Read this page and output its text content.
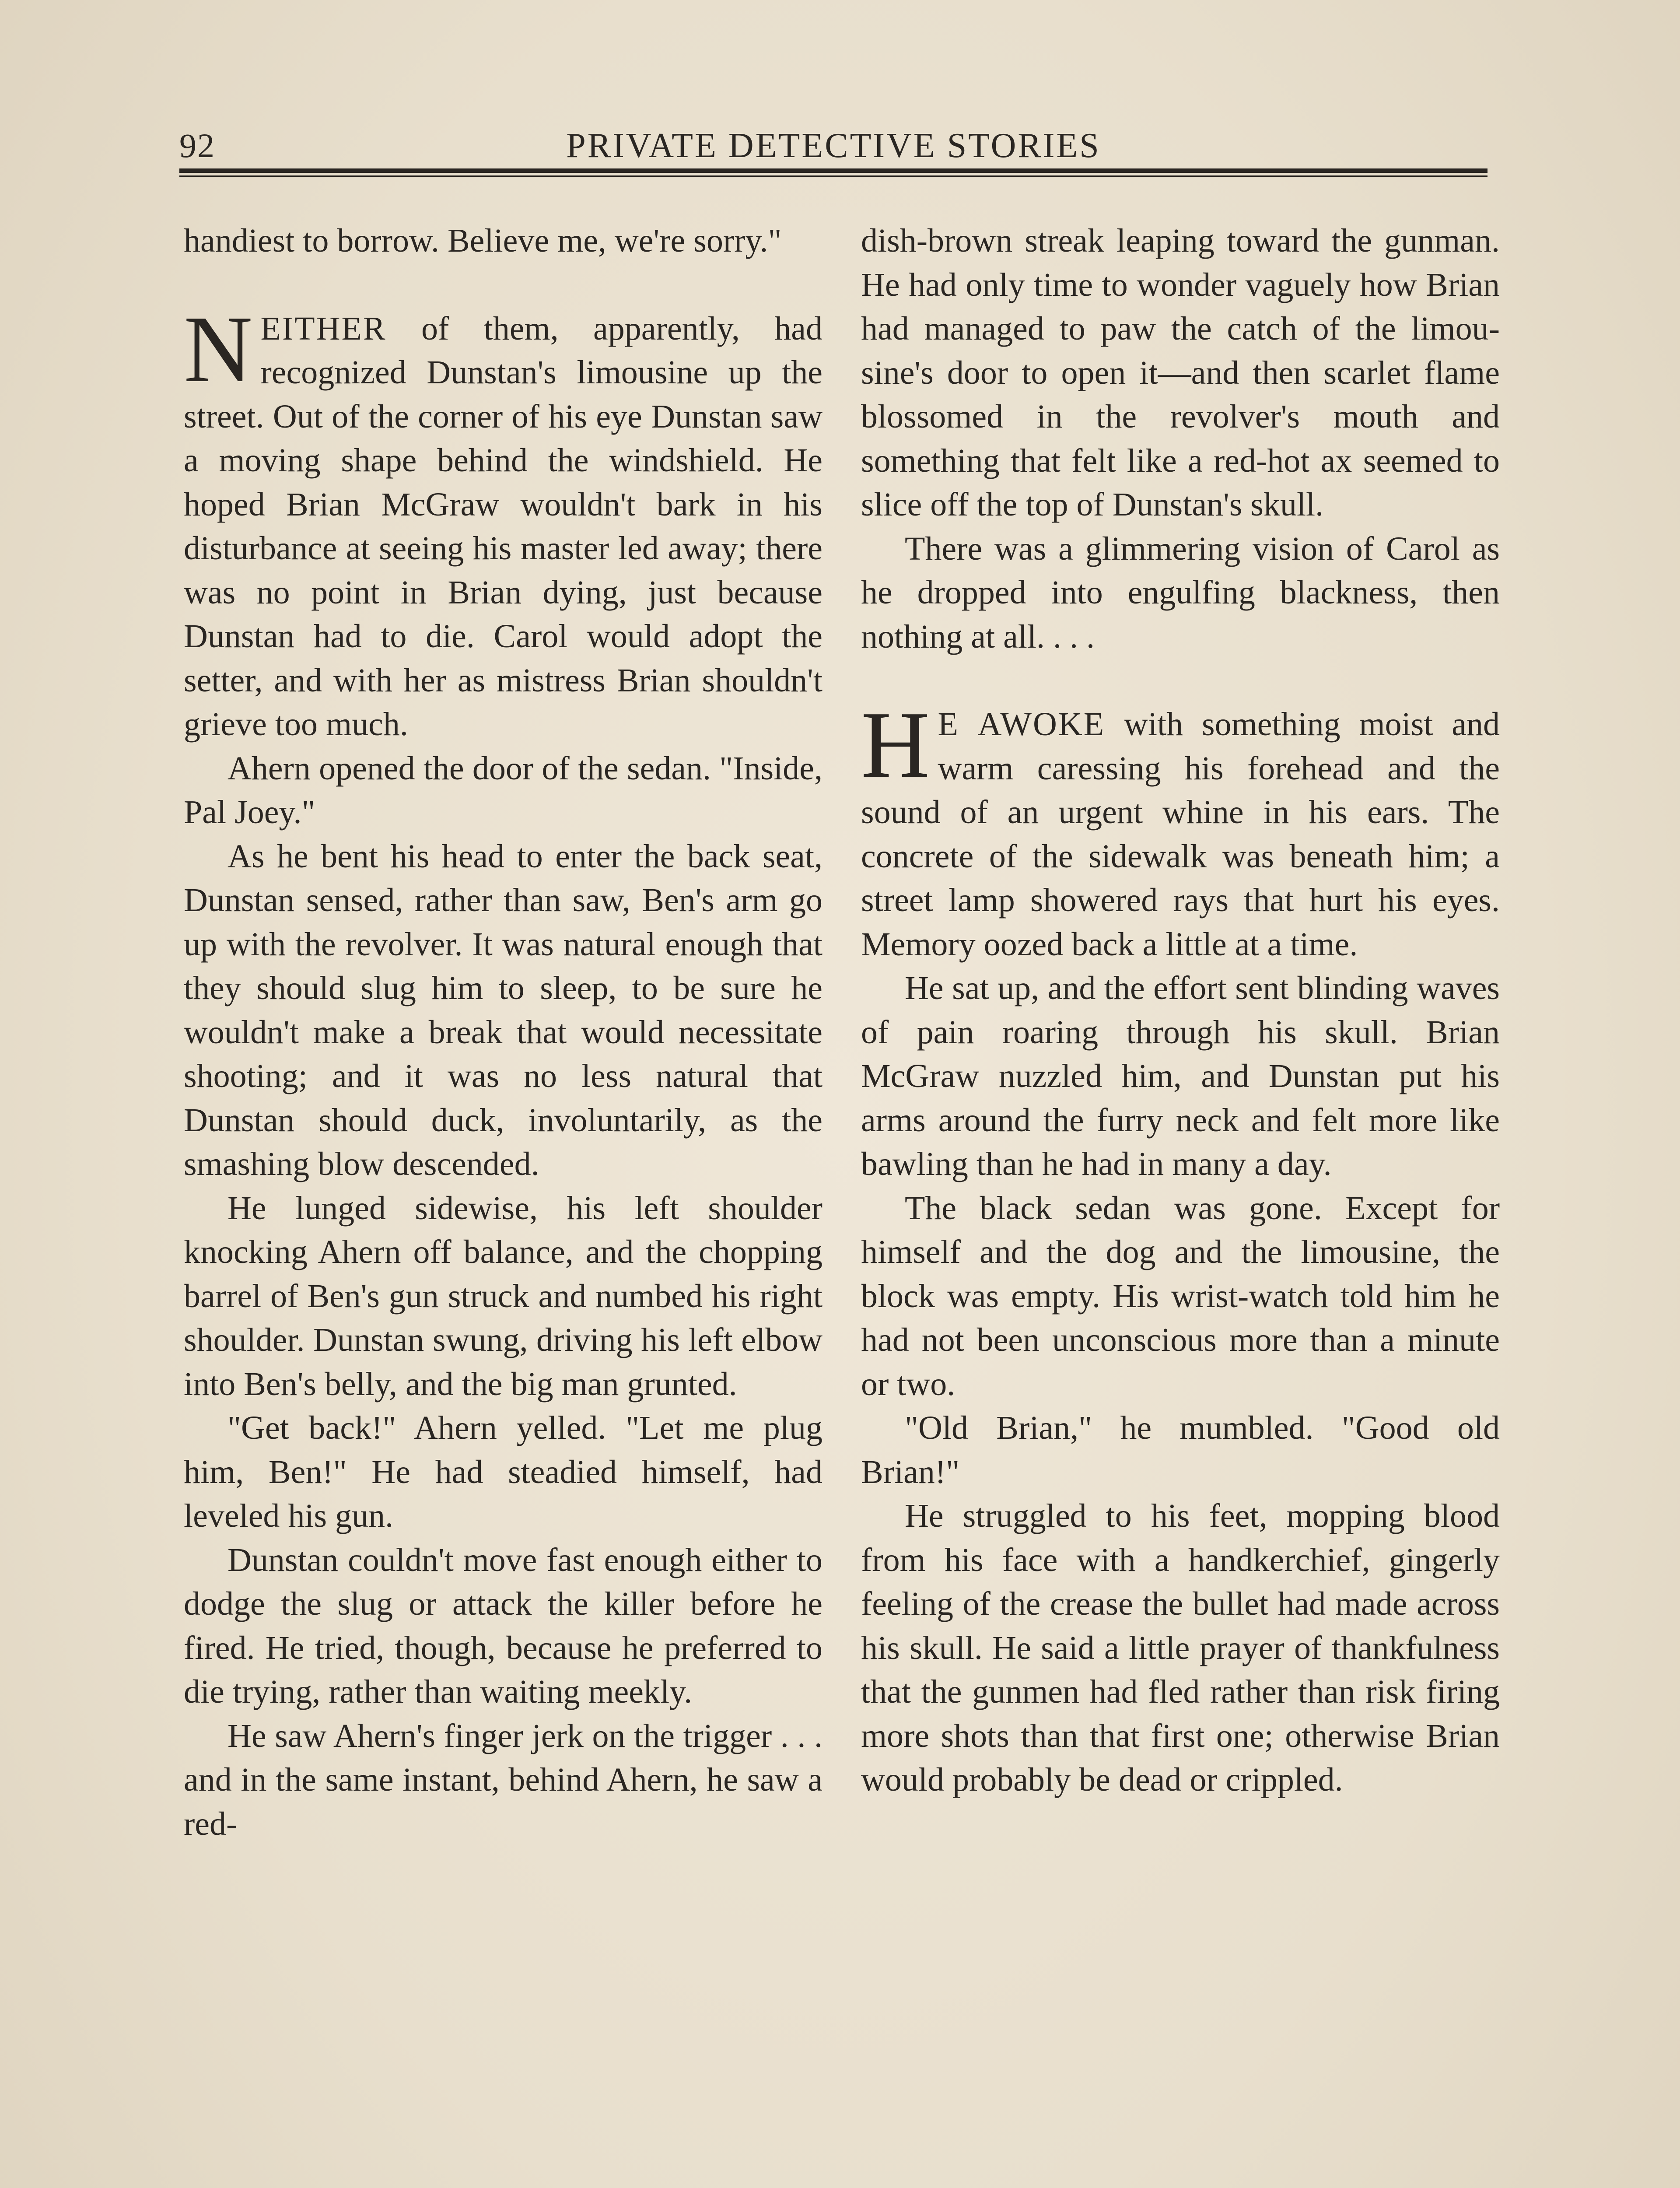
92	PRIVATE DETECTIVE STORIES

handiest to borrow. Believe me, we're sorry."

NEITHER of them, apparently, had recognized Dunstan's limousine up the street. Out of the corner of his eye Dunstan saw a moving shape behind the windshield. He hoped Brian McGraw wouldn't bark in his disturbance at seeing his master led away; there was no point in Brian dying, just because Dunstan had to die. Carol would adopt the setter, and with her as mistress Brian shouldn't grieve too much.

Ahern opened the door of the sedan. "Inside, Pal Joey."

As he bent his head to enter the back seat, Dunstan sensed, rather than saw, Ben's arm go up with the revolver. It was natural enough that they should slug him to sleep, to be sure he wouldn't make a break that would necessitate shooting; and it was no less natural that Dunstan should duck, involuntarily, as the smashing blow descended.

He lunged sidewise, his left shoulder knocking Ahern off balance, and the chopping barrel of Ben's gun struck and numbed his right shoulder. Dunstan swung, driving his left elbow into Ben's belly, and the big man grunted.

"Get back!" Ahern yelled. "Let me plug him, Ben!" He had steadied himself, had leveled his gun.

Dunstan couldn't move fast enough either to dodge the slug or attack the killer before he fired. He tried, though, because he preferred to die trying, rather than waiting meekly.

He saw Ahern's finger jerk on the trigger . . . and in the same instant, behind Ahern, he saw a red-

dish-brown streak leaping toward the gunman. He had only time to wonder vaguely how Brian had managed to paw the catch of the limousine's door to open it—and then scarlet flame blossomed in the revolver's mouth and something that felt like a red-hot ax seemed to slice off the top of Dunstan's skull.

There was a glimmering vision of Carol as he dropped into engulfing blackness, then nothing at all. . . .

H E AWOKE with something moist and warm caressing his forehead and the sound of an urgent whine in his ears. The concrete of the sidewalk was beneath him; a street lamp showered rays that hurt his eyes. Memory oozed back a little at a time.

He sat up, and the effort sent blinding waves of pain roaring through his skull. Brian McGraw nuzzled him, and Dunstan put his arms around the furry neck and felt more like bawling than he had in many a day.

The black sedan was gone. Except for himself and the dog and the limousine, the block was empty. His wrist-watch told him he had not been unconscious more than a minute or two.

"Old Brian," he mumbled. "Good old Brian!"

He struggled to his feet, mopping blood from his face with a handkerchief, gingerly feeling of the crease the bullet had made across his skull. He said a little prayer of thankfulness that the gunmen had fled rather than risk firing more shots than that first one; otherwise Brian would probably be dead or crippled.
